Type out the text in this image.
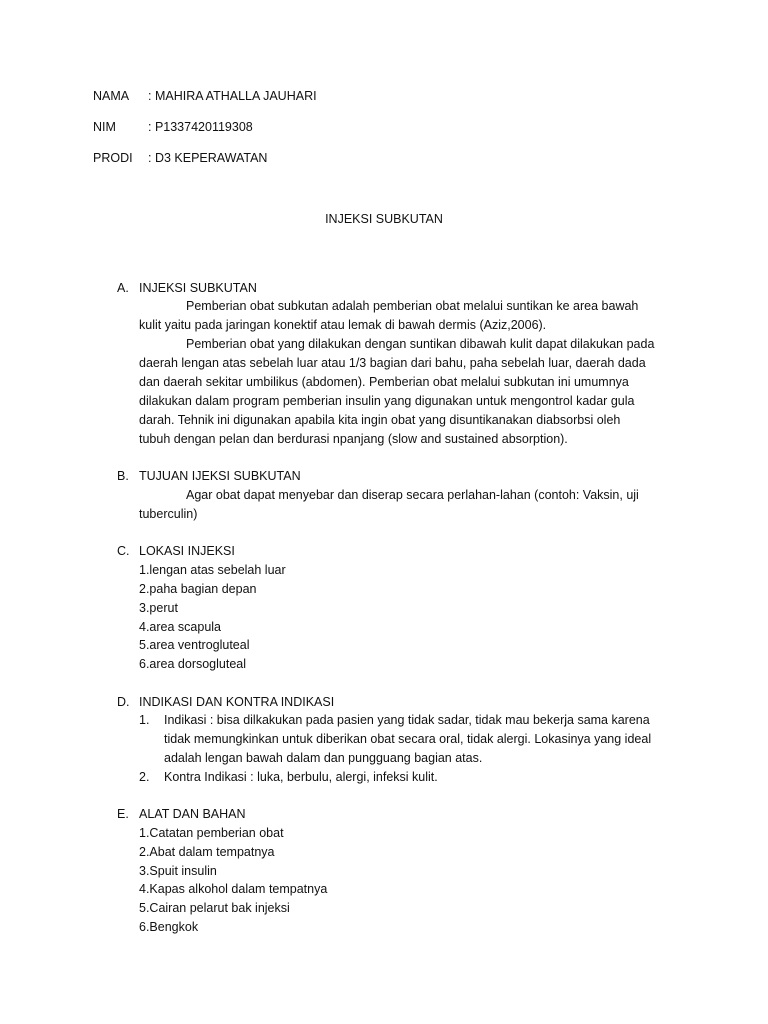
NAMA : MAHIRA ATHALLA JAUHARI
NIM	: P1337420119308
PRODI : D3 KEPERAWATAN
INJEKSI SUBKUTAN
A. INJEKSI SUBKUTAN
Pemberian obat subkutan adalah pemberian obat melalui suntikan ke area bawah
kulit yaitu pada jaringan konektif atau lemak di bawah dermis (Aziz,2006).
Pemberian obat yang dilakukan dengan suntikan dibawah kulit dapat dilakukan pada
daerah lengan atas sebelah luar atau 1/3 bagian dari bahu, paha sebelah luar, daerah dada
dan daerah sekitar umbilikus (abdomen). Pemberian obat melalui subkutan ini umumnya
dilakukan dalam program pemberian insulin yang digunakan untuk mengontrol kadar gula
darah. Tehnik ini digunakan apabila kita ingin obat yang disuntikanakan diabsorbsi oleh
tubuh dengan pelan dan berdurasi npanjang (slow and sustained absorption).
B. TUJUAN IJEKSI SUBKUTAN
Agar obat dapat menyebar dan diserap secara perlahan-lahan (contoh: Vaksin, uji
tuberculin)
C. LOKASI INJEKSI
1.lengan atas sebelah luar
2.paha bagian depan
3.perut
4.area scapula
5.area ventrogluteal
6.area dorsogluteal
D. INDIKASI DAN KONTRA INDIKASI
1. Indikasi : bisa dilkakukan pada pasien yang tidak sadar, tidak mau bekerja sama karena
tidak memungkinkan untuk diberikan obat secara oral, tidak alergi. Lokasinya yang ideal
adalah lengan bawah dalam dan pungguang bagian atas.
2. Kontra Indikasi : luka, berbulu, alergi, infeksi kulit.
E. ALAT DAN BAHAN
1.Catatan pemberian obat
2.Abat dalam tempatnya
3.Spuit insulin
4.Kapas alkohol dalam tempatnya
5.Cairan pelarut bak injeksi
6.Bengkok
